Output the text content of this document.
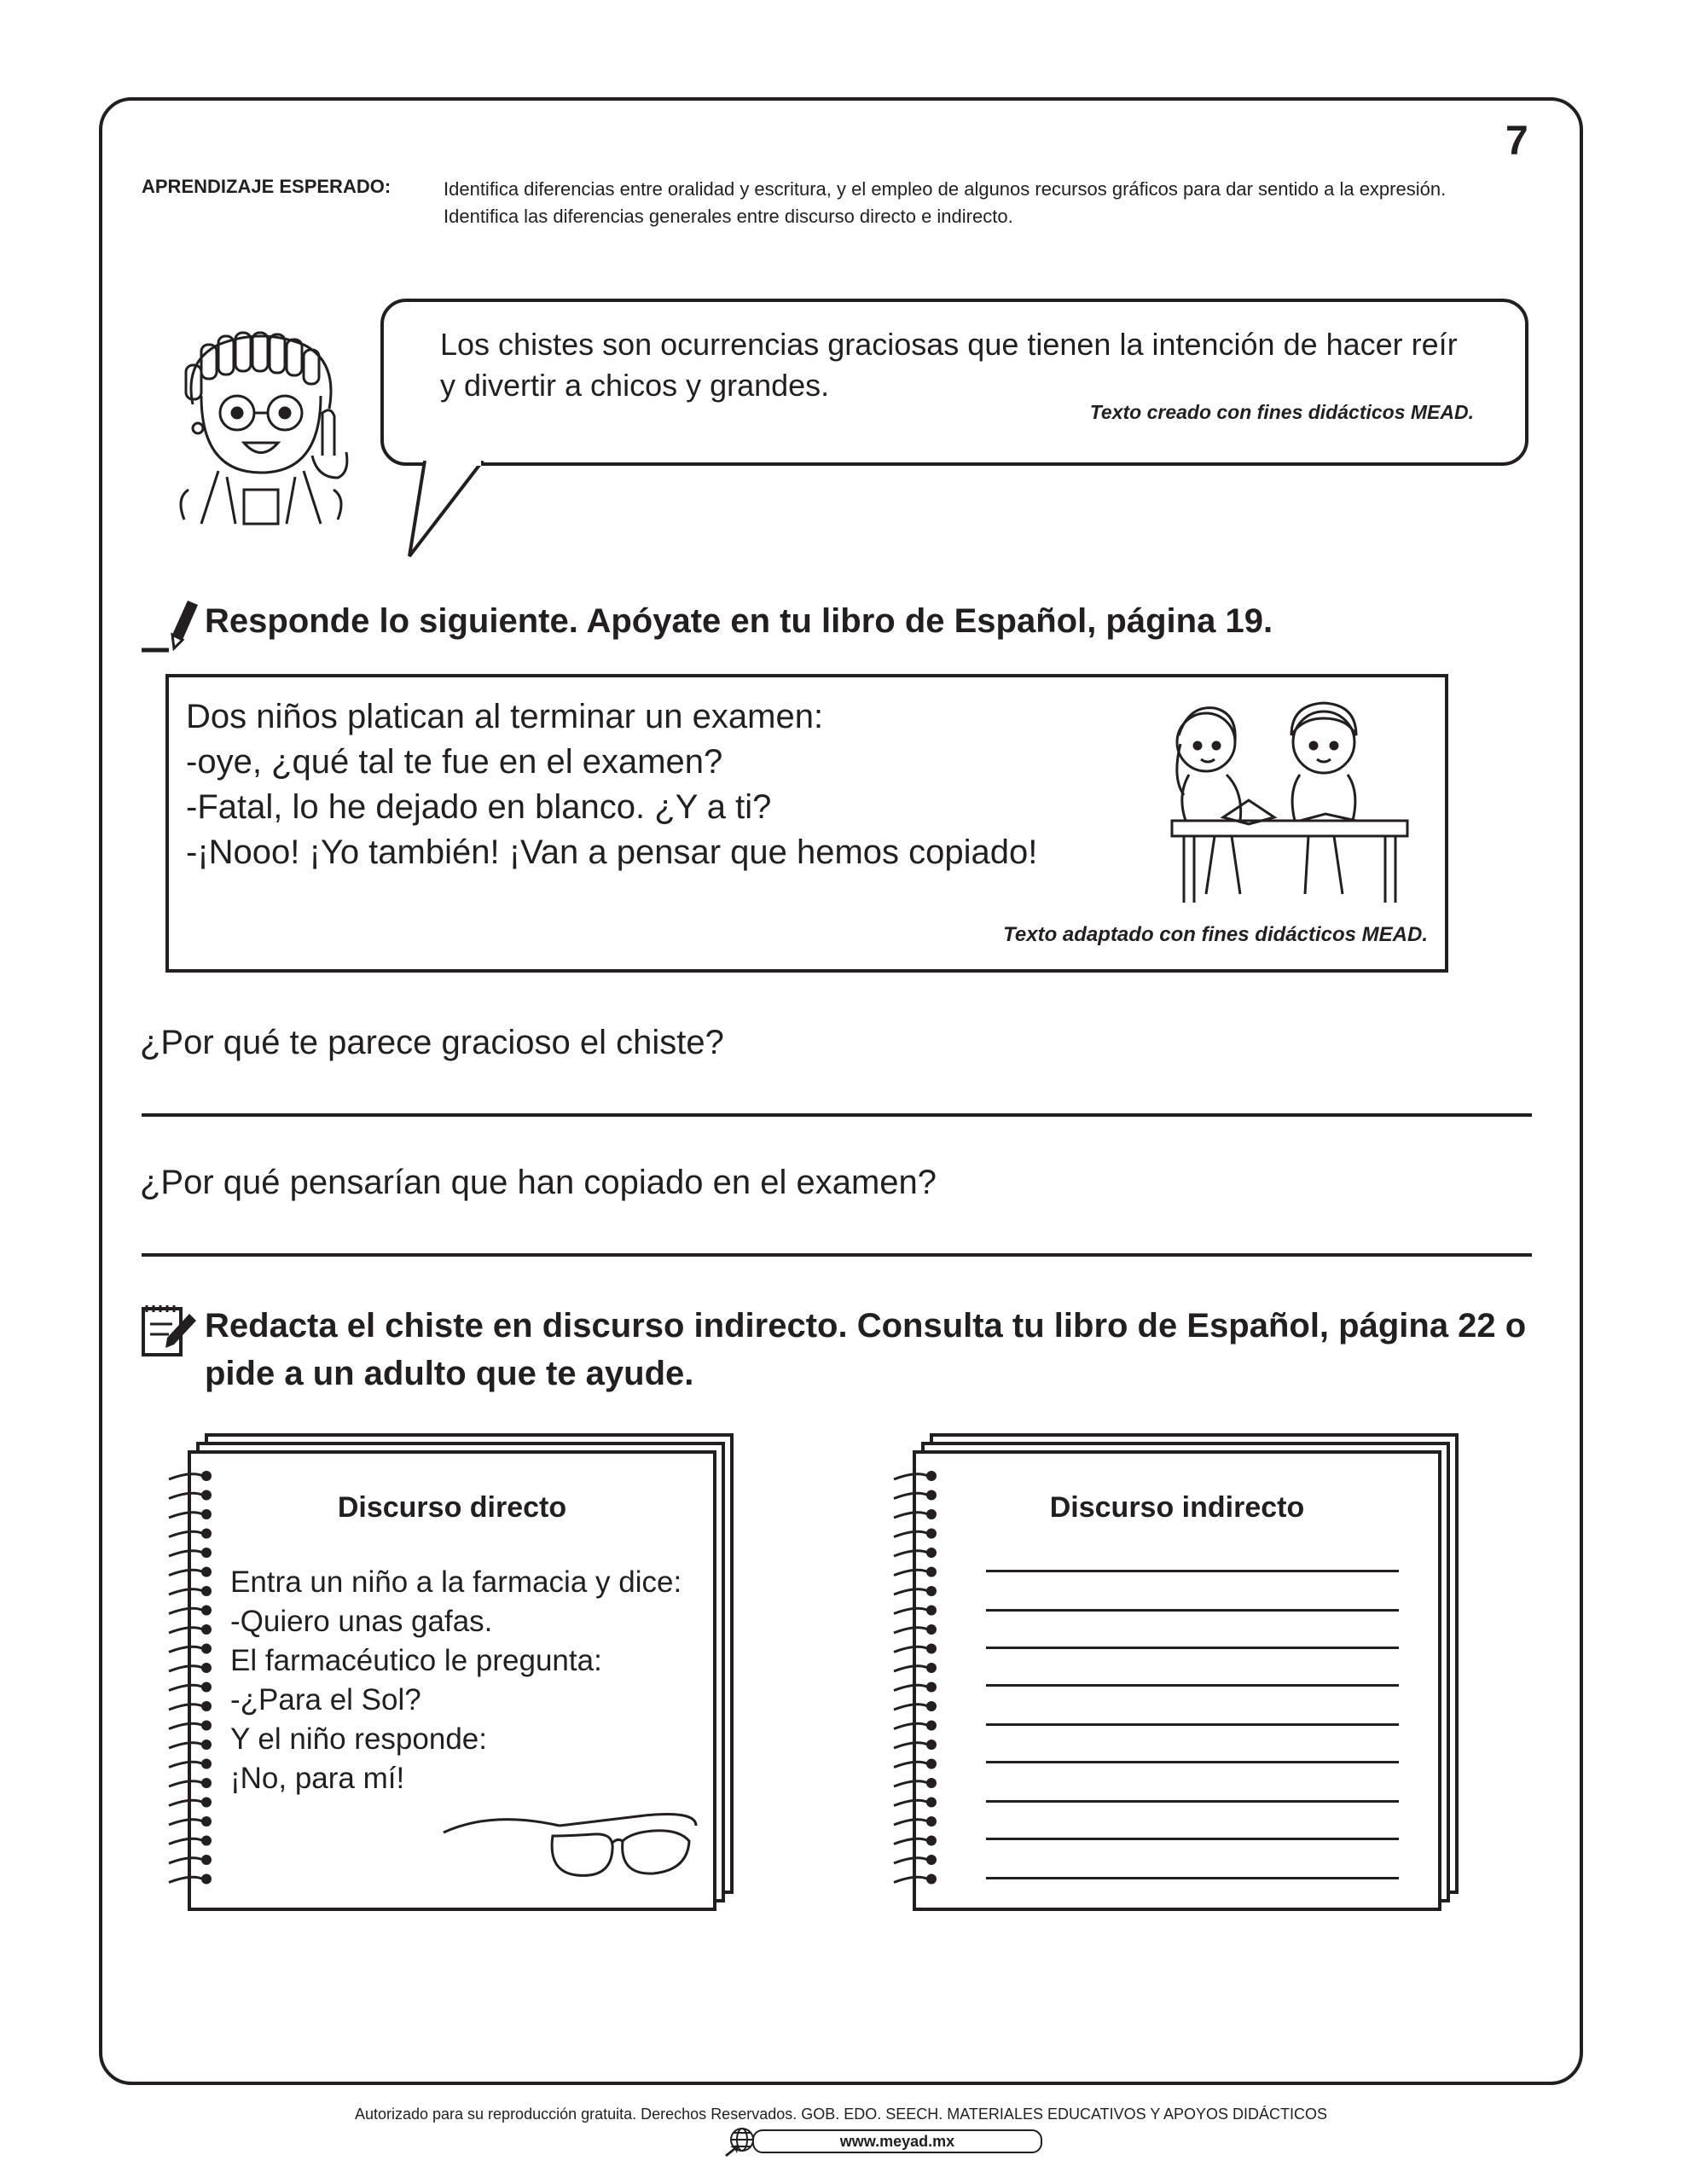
7
APRENDIZAJE ESPERADO:	Identifica diferencias entre oralidad y escritura, y el empleo de algunos recursos gráficos para dar sentido a la expresión.

Identifica las diferencias generales entre discurso directo e indirecto.

Los chistes son ocurrencias graciosas que tienen la intención de hacer reír y divertir a chicos y grandes.
Texto creado con fines didácticos MEAD.
Responde lo siguiente. Apóyate en tu libro de Español, página 19.
Dos niños platican al terminar un examen:
-oye, ¿qué tal te fue en el examen?
-Fatal, lo he dejado en blanco. ¿Y a ti?
-¡Nooo! ¡Yo también! ¡Van a pensar que hemos copiado!
Texto adaptado con fines didácticos MEAD.
¿Por qué te parece gracioso el chiste?
¿Por qué pensarían que han copiado en el examen?
Redacta el chiste en discurso indirecto. Consulta tu libro de Español, página 22 o pide a un adulto que te ayude.
Discurso directo
Entra un niño a la farmacia y dice:
-Quiero unas gafas.
El farmacéutico le pregunta:
-¿Para el Sol?
Y el niño responde:
¡No, para mí!
Discurso indirecto
Autorizado para su reproducción gratuita. Derechos Reservados. GOB. EDO. SEECH. MATERIALES EDUCATIVOS Y APOYOS DIDÁCTICOS
www.meyad.mx
